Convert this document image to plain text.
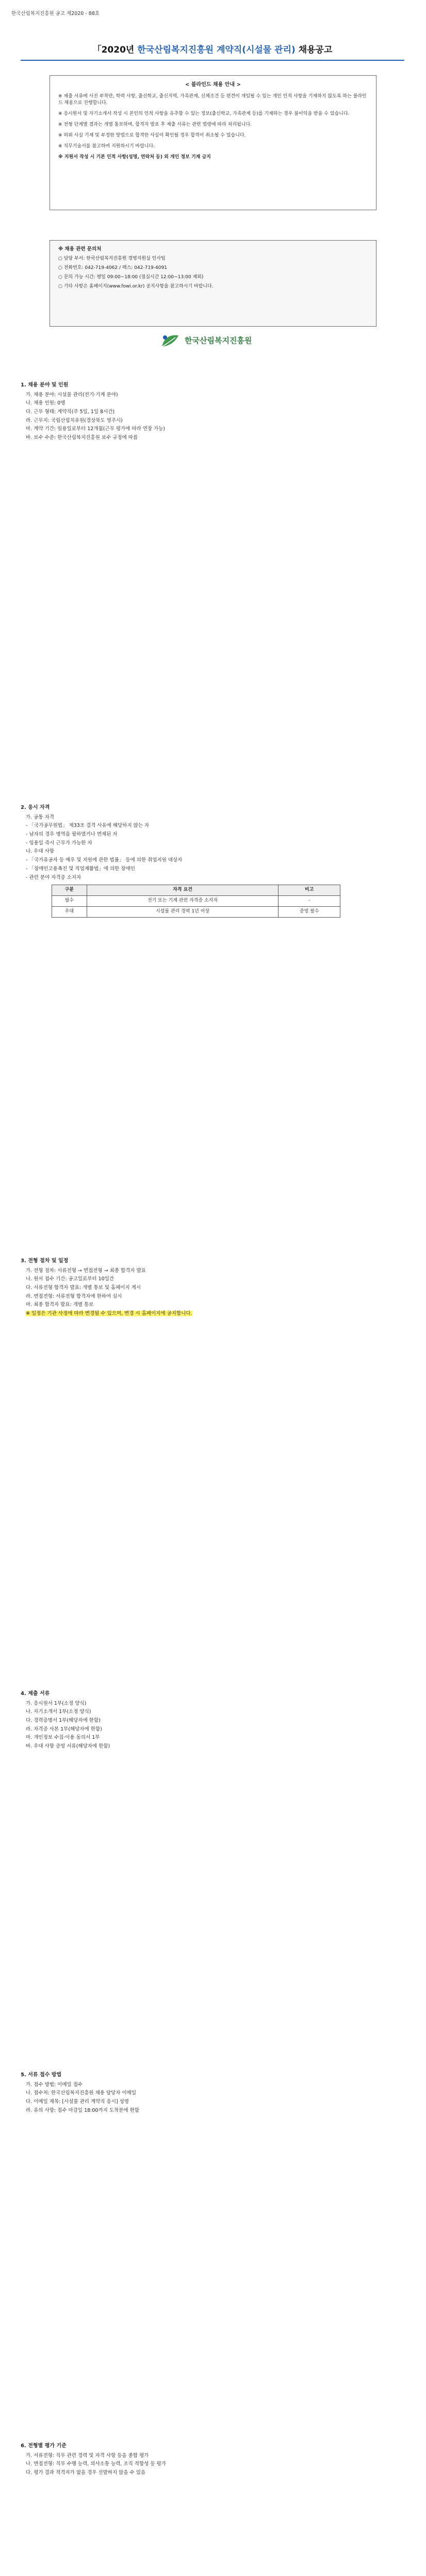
한국산림복지진흥원 공고 제2020 - 88호
「2020년 한국산림복지진흥원 계약직(시설물 관리) 채용공고
< 블라인드 채용 안내 >

※ 제출 서류에 사진 부착란, 학력 사항, 출신학교, 출신지역, 가족관계, 신체조건 등 편견이 개입될 수 있는 개인 인적 사항을 기재하지 않도록 하는 블라인드 채용으로 진행합니다.

※ 응시원서 및 자기소개서 작성 시 본인의 인적 사항을 유추할 수 있는 정보(출신학교, 가족관계 등)를 기재하는 경우 불이익을 받을 수 있습니다.

※ 전형 단계별 결과는 개별 통보하며, 합격자 발표 후 제출 서류는 관련 법령에 따라 처리됩니다.

※ 허위 사실 기재 및 부정한 방법으로 합격한 사실이 확인될 경우 합격이 취소될 수 있습니다.

※ 직무기술서를 참고하여 지원하시기 바랍니다.

※ 지원서 작성 시 기본 인적 사항(성명, 연락처 등) 외 개인 정보 기재 금지

※ 채용 관련 문의처

○ 담당 부서: 한국산림복지진흥원 경영지원실 인사팀

○ 전화번호: 042-719-4062 / 팩스: 042-719-4091

○ 문의 가능 시간: 평일 09:00~18:00 (점심시간 12:00~13:00 제외)

○ 기타 사항은 홈페이지(www.fowi.or.kr) 공지사항을 참고하시기 바랍니다.

한국산림복지진흥원
1. 채용 분야 및 인원
가. 채용 분야: 시설물 관리(전기·기계 분야)
나. 채용 인원: 0명
다. 근무 형태: 계약직(주 5일, 1일 8시간)
라. 근무지: 국립산림치유원(경상북도 영주시)
마. 계약 기간: 임용일로부터 12개월(근무 평가에 따라 연장 가능)
바. 보수 수준: 한국산림복지진흥원 보수 규정에 따름
2. 응시 자격
가. 공통 자격
- 「국가공무원법」 제33조 결격 사유에 해당하지 않는 자
- 남자의 경우 병역을 필하였거나 면제된 자
- 임용일 즉시 근무가 가능한 자
나. 우대 사항
- 「국가유공자 등 예우 및 지원에 관한 법률」 등에 의한 취업지원 대상자
- 「장애인고용촉진 및 직업재활법」에 의한 장애인
- 관련 분야 자격증 소지자
구분	자격 요건	비고
필수	전기 또는 기계 관련 자격증 소지자	-
우대	시설물 관리 경력 1년 이상	증빙 필수
3. 전형 절차 및 일정
가. 전형 절차: 서류전형 → 면접전형 → 최종 합격자 발표
나. 원서 접수 기간: 공고일로부터 10일간
다. 서류전형 합격자 발표: 개별 통보 및 홈페이지 게시
라. 면접전형: 서류전형 합격자에 한하여 실시
마. 최종 합격자 발표: 개별 통보
※ 일정은 기관 사정에 따라 변경될 수 있으며, 변경 시 홈페이지에 공지합니다.
4. 제출 서류
가. 응시원서 1부(소정 양식)
나. 자기소개서 1부(소정 양식)
다. 경력증명서 1부(해당자에 한함)
라. 자격증 사본 1부(해당자에 한함)
마. 개인정보 수집·이용 동의서 1부
바. 우대 사항 증빙 서류(해당자에 한함)
5. 서류 접수 방법
가. 접수 방법: 이메일 접수
나. 접수처: 한국산림복지진흥원 채용 담당자 이메일
다. 이메일 제목: [시설물 관리 계약직 응시] 성명
라. 유의 사항: 접수 마감일 18:00까지 도착분에 한함
6. 전형별 평가 기준
가. 서류전형: 직무 관련 경력 및 자격 사항 등을 종합 평가
나. 면접전형: 직무 수행 능력, 의사소통 능력, 조직 적합성 등 평가
다. 평가 결과 적격자가 없을 경우 선발하지 않을 수 있음
